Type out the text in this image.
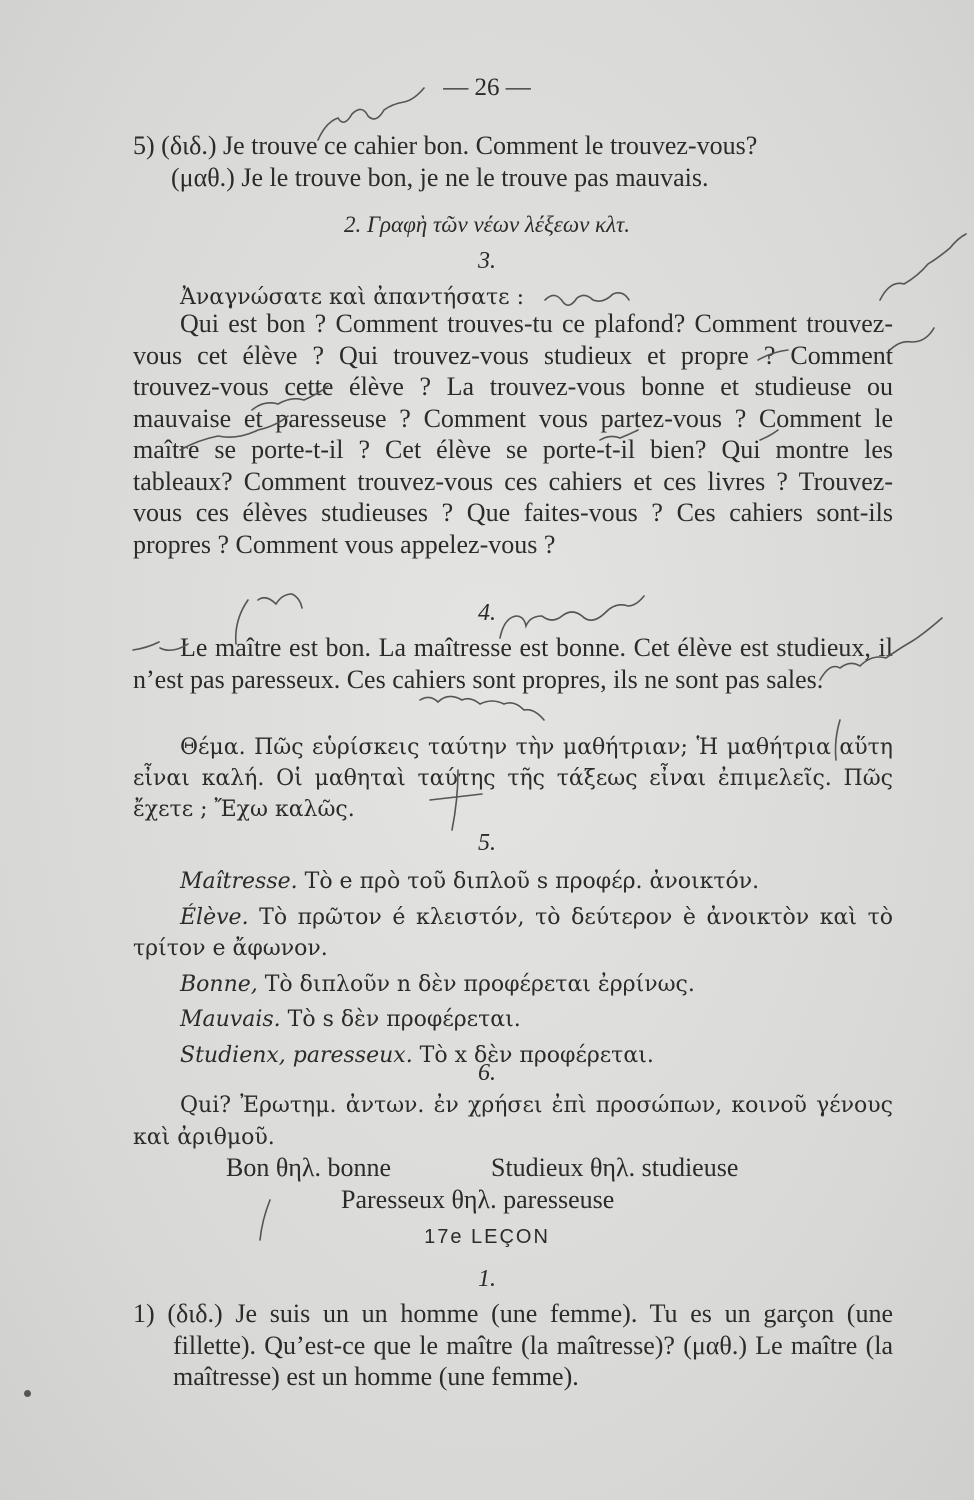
— 26 —
5) (διδ.) Je trouve ce cahier bon. Comment le trouvez-vous?
(μαθ.) Je le trouve bon, je ne le trouve pas mauvais.
2. Γραφὴ τῶν νέων λέξεων κλτ.
3.
Ἀναγνώσατε καὶ ἀπαντήσατε :
Qui est bon ? Comment trouves-tu ce plafond? Comment trouvez-vous cet élève ? Qui trouvez-vous studieux et propre ? Comment trouvez-vous cette élève ? La trouvez-vous bonne et studieuse ou mauvaise et paresseuse ? Comment vous partez-vous ? Comment le maître se porte-t-il ? Cet élève se porte-t-il bien? Qui montre les tableaux? Comment trouvez-vous ces cahiers et ces livres ? Trouvez-vous ces élèves studieuses ? Que faites-vous ? Ces cahiers sont-ils propres ? Comment vous appelez-vous ?
4.
Le maître est bon. La maîtresse est bonne. Cet élève est studieux, il n’est pas paresseux. Ces cahiers sont propres, ils ne sont pas sales.
Θέμα. Πῶς εὑρίσκεις ταύτην τὴν μαθήτριαν; Ἡ μαθήτρια αὕτη εἶναι καλή. Οἱ μαθηταὶ ταύτης τῆς τάξεως εἶναι ἐπιμελεῖς. Πῶς ἔχετε ; Ἔχω καλῶς.
5.
Maîtresse. Τὸ e πρὸ τοῦ διπλοῦ s προφέρ. ἀνοικτόν.
Élève. Τὸ πρῶτον é κλειστόν, τὸ δεύτερον è ἀνοικτὸν καὶ τὸ τρίτον e ἄφωνον.
Bonne, Τὸ διπλοῦν n δὲν προφέρεται ἐρρίνως.
Mauvais. Τὸ s δὲν προφέρεται.
Studienx, paresseux. Τὸ x δὲν προφέρεται.
6.
Qui? Ἐρωτημ. ἀντων. ἐν χρήσει ἐπὶ προσώπων, κοινοῦ γένους καὶ ἀριθμοῦ.
Bon θηλ. bonne	Studieux θηλ. studieuse
Paresseux θηλ. paresseuse
17e LEÇON
1.
1) (διδ.) Je suis un un homme (une femme). Tu es un garçon (une fillette). Qu’est-ce que le maître (la maîtresse)? (μαθ.) Le maître (la maîtresse) est un homme (une femme).
